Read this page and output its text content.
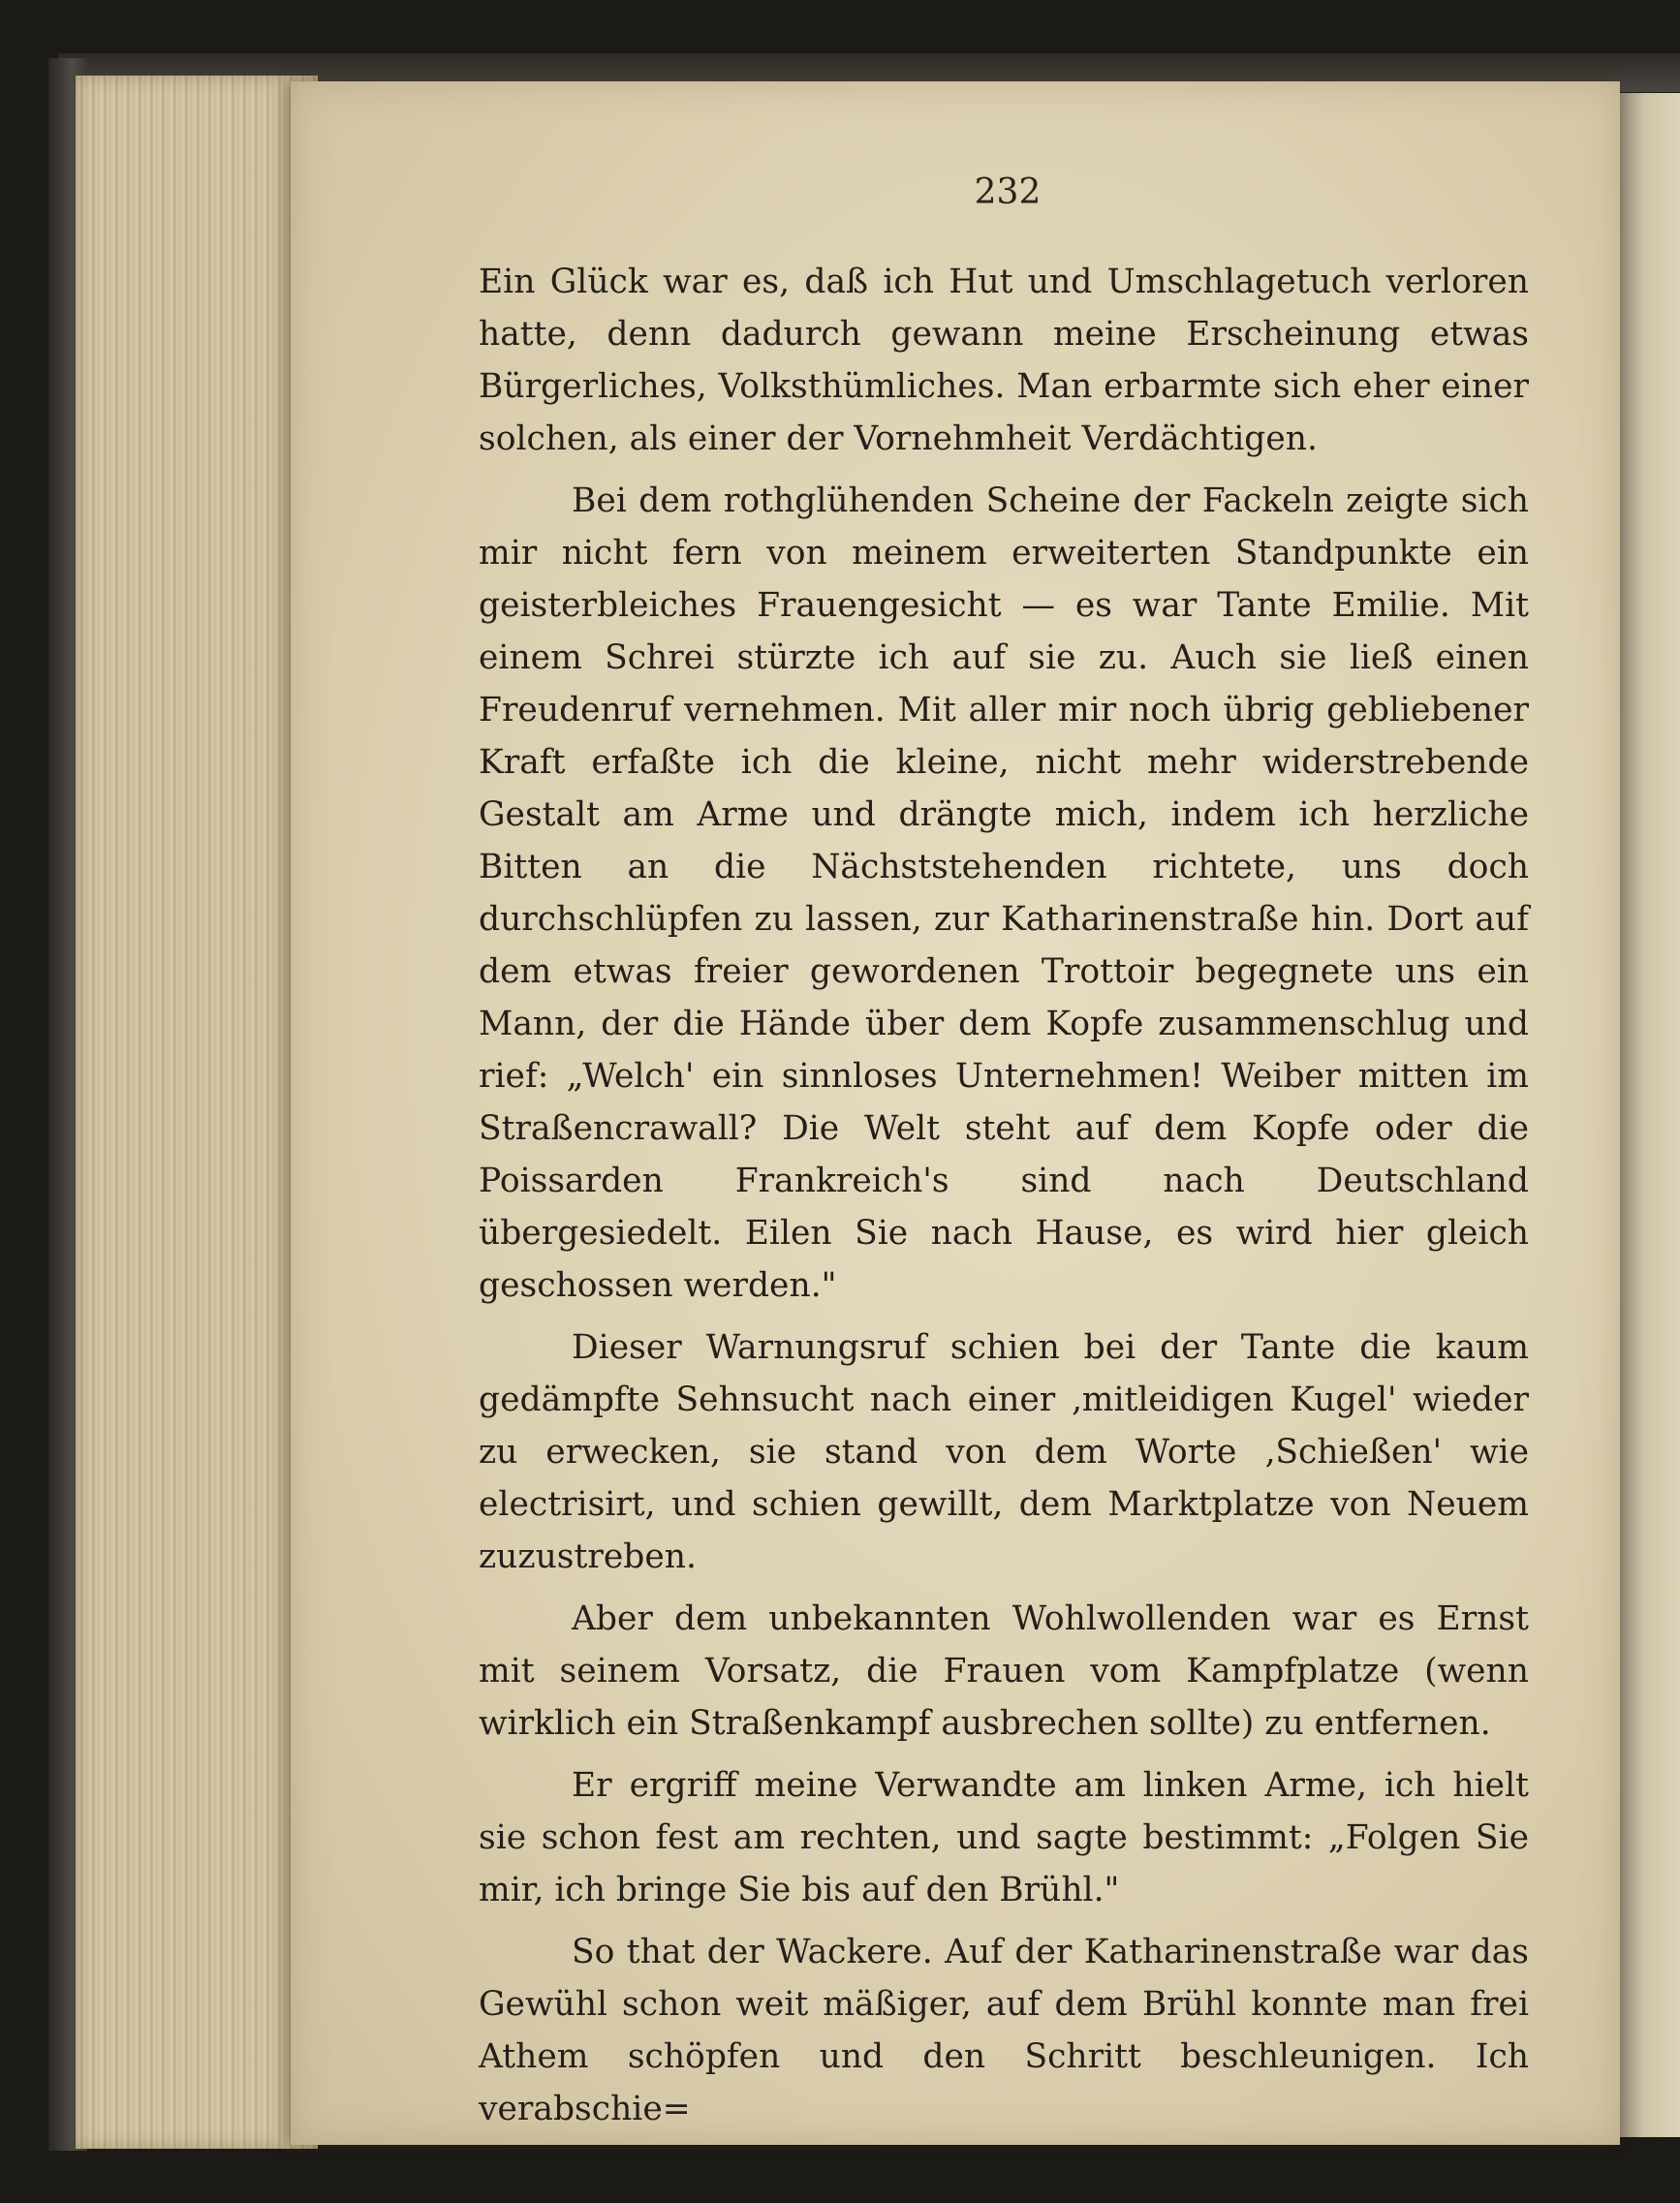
232

Ein Glück war es, daß ich Hut und Umschlagetuch verloren hatte, denn dadurch gewann meine Erscheinung etwas Bürgerliches, Volksthümliches. Man erbarmte sich eher einer solchen, als einer der Vornehmheit Verdächtigen.

Bei dem rothglühenden Scheine der Fackeln zeigte sich mir nicht fern von meinem erweiterten Standpunkte ein geisterbleiches Frauengesicht — es war Tante Emilie. Mit einem Schrei stürzte ich auf sie zu. Auch sie ließ einen Freudenruf vernehmen. Mit aller mir noch übrig gebliebener Kraft erfaßte ich die kleine, nicht mehr widerstrebende Gestalt am Arme und drängte mich, indem ich herzliche Bitten an die Nächststehenden richtete, uns doch durchschlüpfen zu lassen, zur Katharinenstraße hin. Dort auf dem etwas freier gewordenen Trottoir begegnete uns ein Mann, der die Hände über dem Kopfe zusammenschlug und rief: „Welch' ein sinnloses Unternehmen! Weiber mitten im Straßencrawall? Die Welt steht auf dem Kopfe oder die Poissarden Frankreich's sind nach Deutschland übergesiedelt. Eilen Sie nach Hause, es wird hier gleich geschossen werden."

Dieser Warnungsruf schien bei der Tante die kaum gedämpfte Sehnsucht nach einer ‚mitleidigen Kugel' wieder zu erwecken, sie stand von dem Worte ‚Schießen' wie electrisirt, und schien gewillt, dem Marktplatze von Neuem zuzustreben.

Aber dem unbekannten Wohlwollenden war es Ernst mit seinem Vorsatz, die Frauen vom Kampfplatze (wenn wirklich ein Straßenkampf ausbrechen sollte) zu entfernen.

Er ergriff meine Verwandte am linken Arme, ich hielt sie schon fest am rechten, und sagte bestimmt: „Folgen Sie mir, ich bringe Sie bis auf den Brühl."

So that der Wackere. Auf der Katharinenstraße war das Gewühl schon weit mäßiger, auf dem Brühl konnte man frei Athem schöpfen und den Schritt beschleunigen. Ich verabschie=
